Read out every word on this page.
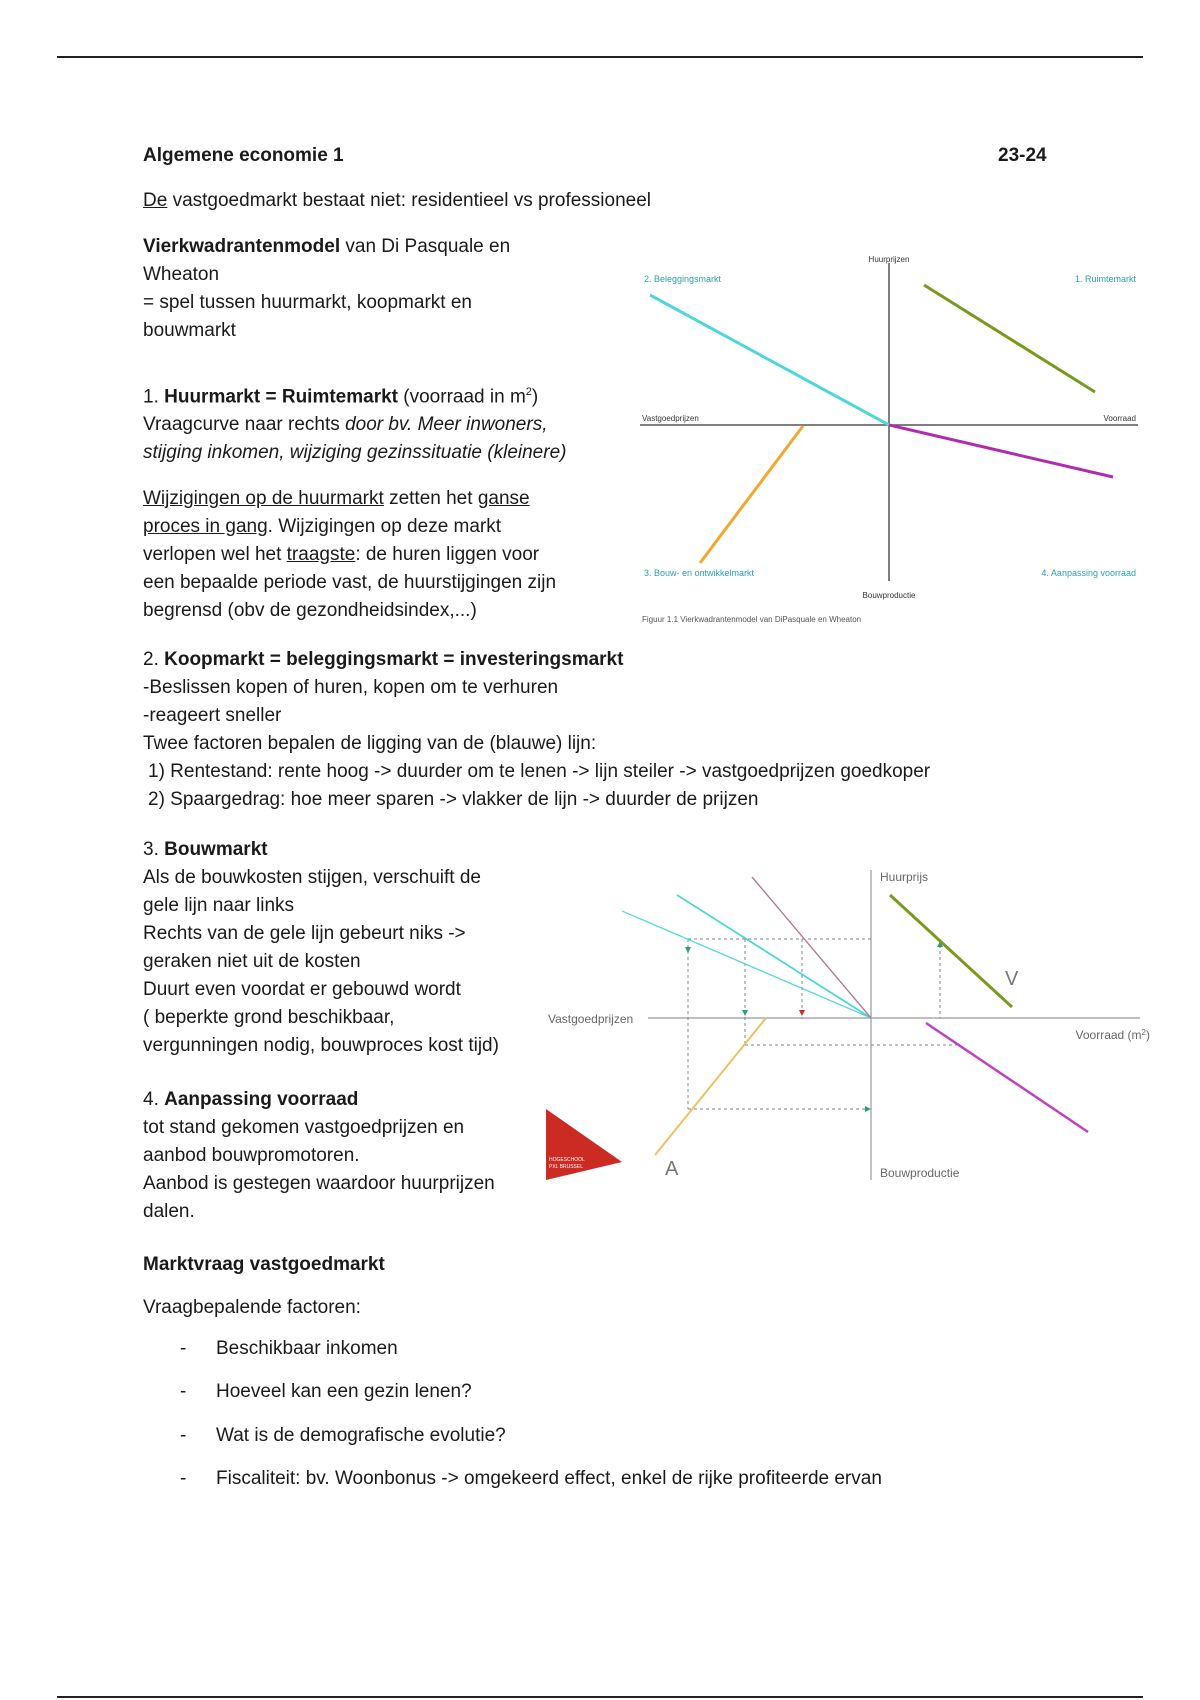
Algemene economie 1	23-24
De vastgoedmarkt bestaat niet: residentieel vs professioneel
Vierkwadrantenmodel van Di Pasquale en
Wheaton
= spel tussen huurmarkt, koopmarkt en
bouwmarkt
1. Huurmarkt = Ruimtemarkt (voorraad in $m^2$)
Vraagcurve naar rechts door bv. Meer inwoners,
stijging inkomen, wijziging gezinssituatie (kleinere)
Wijzigingen op de huurmarkt zetten het ganse
proces in gang. Wijzigingen op deze markt
verlopen wel het traagste: de huren liggen voor
een bepaalde periode vast, de huurstijgingen zijn
begrensd (obv de gezondheidsindex,...)
Huurprijzen
Vastgoedprijzen	Voorraad
Bouwproductie
2. Beleggingsmarkt	1. Ruimtemarkt
3. Bouw- en ontwikkelmarkt	4. Aanpassing voorraad
Figuur 1.1 Vierkwadrantenmodel van DiPasquale en Wheaton
2. Koopmarkt = beleggingsmarkt = investeringsmarkt
-Beslissen kopen of huren, kopen om te verhuren
-reageert sneller
Twee factoren bepalen de ligging van de (blauwe) lijn:
1) Rentestand: rente hoog -> duurder om te lenen -> lijn steiler -> vastgoedprijzen goedkoper
2) Spaargedrag: hoe meer sparen -> vlakker de lijn -> duurder de prijzen
3. Bouwmarkt
Als de bouwkosten stijgen, verschuift de
gele lijn naar links
Rechts van de gele lijn gebeurt niks ->
geraken niet uit de kosten
Duurt even voordat er gebouwd wordt
( beperkte grond beschikbaar,
vergunningen nodig, bouwproces kost tijd)
4. Aanpassing voorraad
tot stand gekomen vastgoedprijzen en
aanbod bouwpromotoren.
Aanbod is gestegen waardoor huurprijzen
dalen.
HOGESCHOOL
PXL BRUSSEL
Huurprijs
Vastgoedprijzen
Voorraad $(m^2)$
Bouwproductie
V
A
Marktvraag vastgoedmarkt
Vraagbepalende factoren:
- Beschikbaar inkomen
- Hoeveel kan een gezin lenen?
- Wat is de demografische evolutie?
- Fiscaliteit: bv. Woonbonus -> omgekeerd effect, enkel de rijke profiteerde ervan
